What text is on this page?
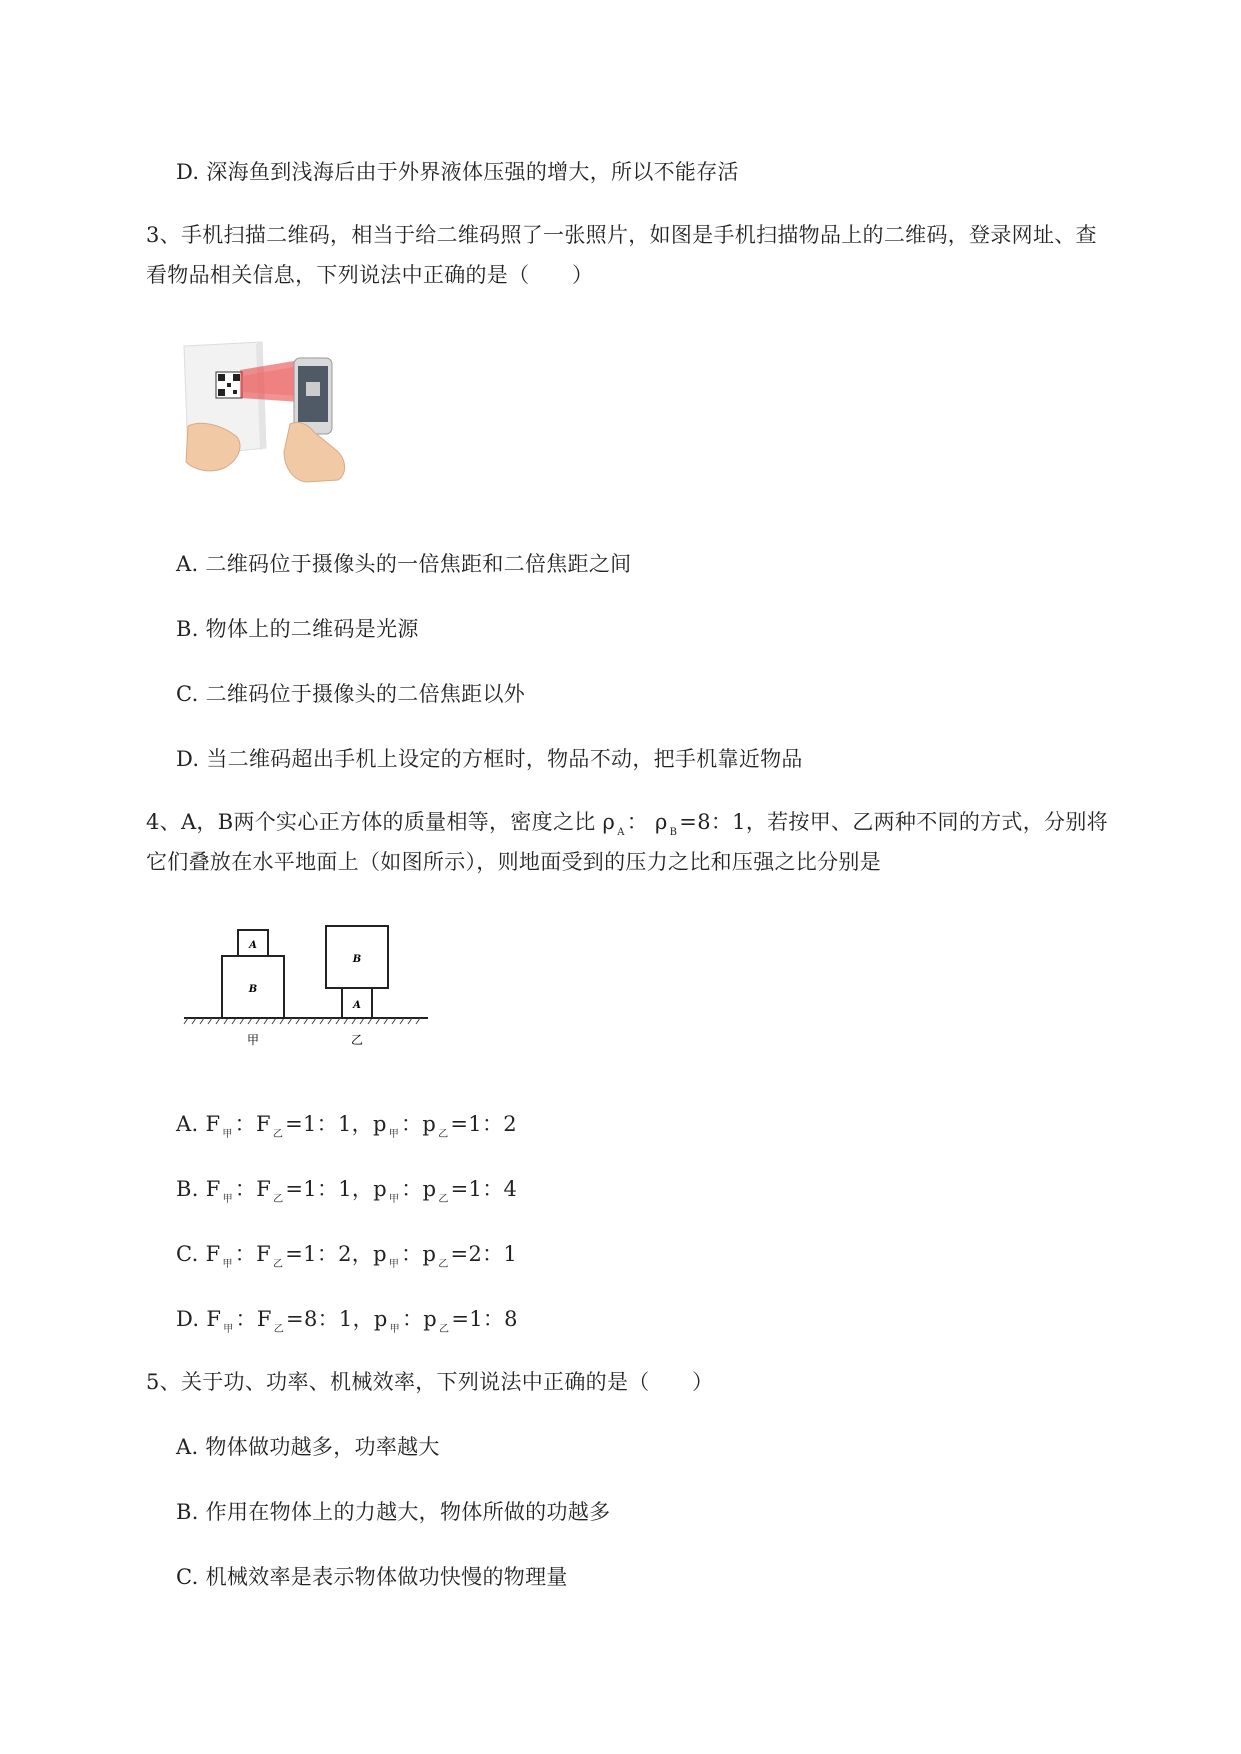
D. 深海鱼到浅海后由于外界液体压强的增大，所以不能存活
3、手机扫描二维码，相当于给二维码照了一张照片，如图是手机扫描物品上的二维码，登录网址、查
看物品相关信息，下列说法中正确的是（　　）
A. 二维码位于摄像头的一倍焦距和二倍焦距之间
B. 物体上的二维码是光源
C. 二维码位于摄像头的二倍焦距以外
D. 当二维码超出手机上设定的方框时，物品不动，把手机靠近物品
4、A，B两个实心正方体的质量相等，密度之比 ρ $_A$： ρ $_B$=8：1，若按甲、乙两种不同的方式，分别将
它们叠放在水平地面上（如图所示），则地面受到的压力之比和压强之比分别是
A
B
B
A
甲	乙
A. F $_甲$：F $_乙$=1：1，p $_甲$：p $_乙$=1：2
B. F $_甲$：F $_乙$=1：1，p $_甲$：p $_乙$=1：4
C. F $_甲$：F $_乙$=1：2，p $_甲$：p $_乙$=2：1
D. F $_甲$：F $_乙$=8：1，p $_甲$：p $_乙$=1：8
5、关于功、功率、机械效率，下列说法中正确的是（　　）
A. 物体做功越多，功率越大
B. 作用在物体上的力越大，物体所做的功越多
C. 机械效率是表示物体做功快慢的物理量
